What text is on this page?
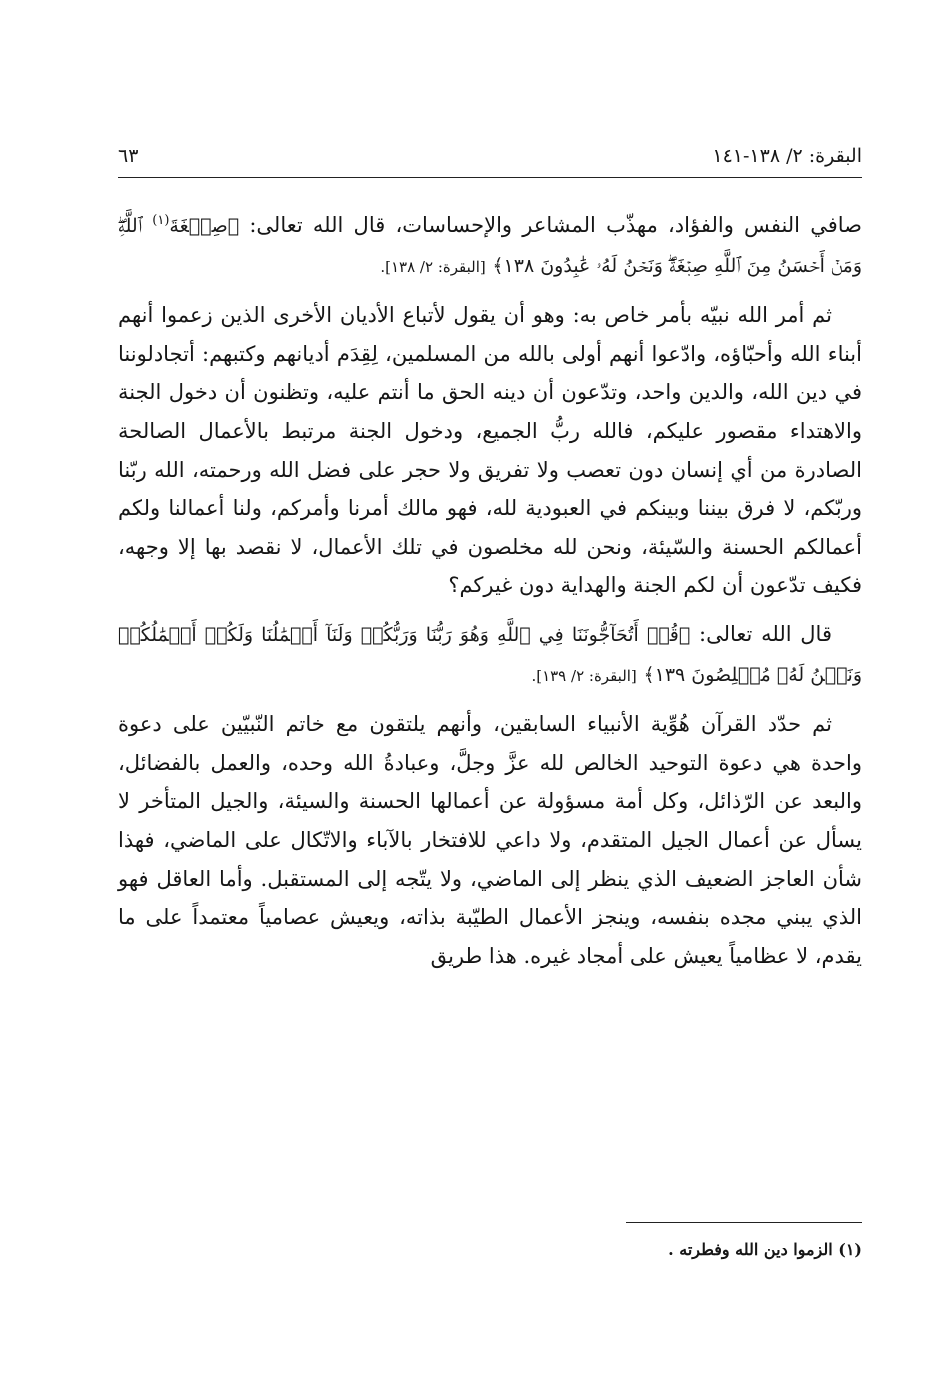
البقرة: ٢/ ١٣٨-١٤١
٦٣

صافي النفس والفؤاد، مهذّب المشاعر والإحساسات، قال الله تعالى: ﴿صِبۡغَةَ$^{(١)}$ ٱللَّهِۖ وَمَنۡ أَحۡسَنُ مِنَ ٱللَّهِ صِبۡغَةٗۖ وَنَحۡنُ لَهُۥ عَٰبِدُونَ ١٣٨﴾ [البقرة: ٢/ ١٣٨].

ثم أمر الله نبيّه بأمر خاص به: وهو أن يقول لأتباع الأديان الأخرى الذين زعموا أنهم أبناء الله وأحبّاؤه، وادّعوا أنهم أولى بالله من المسلمين، لِقِدَم أديانهم وكتبهم: أتجادلوننا في دين الله، والدين واحد، وتدّعون أن دينه الحق ما أنتم عليه، وتظنون أن دخول الجنة والاهتداء مقصور عليكم، فالله ربُّ الجميع، ودخول الجنة مرتبط بالأعمال الصالحة الصادرة من أي إنسان دون تعصب ولا تفريق ولا حجر على فضل الله ورحمته، الله ربّنا وربّكم، لا فرق بيننا وبينكم في العبودية لله، فهو مالك أمرنا وأمركم، ولنا أعمالنا ولكم أعمالكم الحسنة والسّيئة، ونحن لله مخلصون في تلك الأعمال، لا نقصد بها إلا وجهه، فكيف تدّعون أن لكم الجنة والهداية دون غيركم؟

قال الله تعالى: ﴿قُلۡ أَتُحَآجُّونَنَا فِي ٱللَّهِ وَهُوَ رَبُّنَا وَرَبُّكُمۡ وَلَنَآ أَعۡمَٰلُنَا وَلَكُمۡ أَعۡمَٰلُكُمۡ وَنَحۡنُ لَهُۥ مُخۡلِصُونَ ١٣٩﴾ [البقرة: ٢/ ١٣٩].

ثم حدّد القرآن هُوِّية الأنبياء السابقين، وأنهم يلتقون مع خاتم النّبيّين على دعوة واحدة هي دعوة التوحيد الخالص لله عزَّ وجلَّ، وعبادةُ الله وحده، والعمل بالفضائل، والبعد عن الرّذائل، وكل أمة مسؤولة عن أعمالها الحسنة والسيئة، والجيل المتأخر لا يسأل عن أعمال الجيل المتقدم، ولا داعي للافتخار بالآباء والاتّكال على الماضي، فهذا شأن العاجز الضعيف الذي ينظر إلى الماضي، ولا يتّجه إلى المستقبل. وأما العاقل فهو الذي يبني مجده بنفسه، وينجز الأعمال الطيّبة بذاته، ويعيش عصامياً معتمداً على ما يقدم، لا عظامياً يعيش على أمجاد غيره. هذا طريق

(١) الزموا دين الله وفطرته .
